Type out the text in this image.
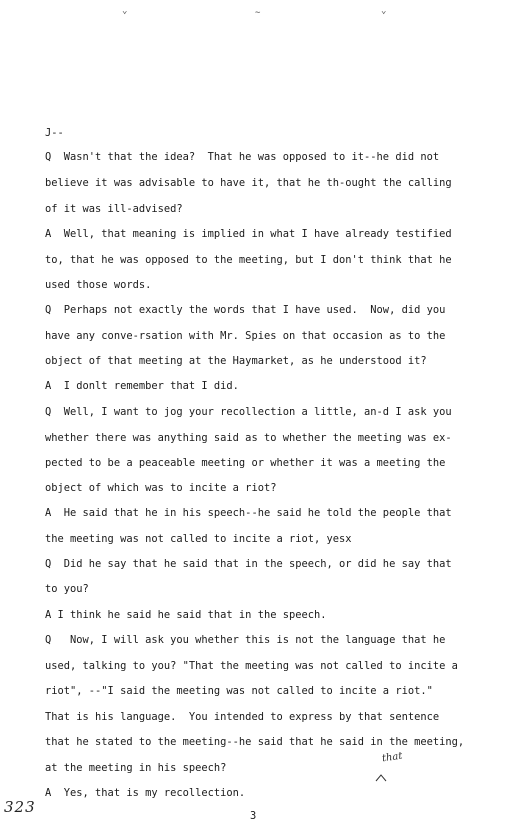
⌄	∼	⌄
J--
Q  Wasn't that the idea?  That he was opposed to it--he did not
believe it was advisable to have it, that he th-ought the calling
of it was ill-advised?
A  Well, that meaning is implied in what I have already testified
to, that he was opposed to the meeting, but I don't think that he
used those words.
Q  Perhaps not exactly the words that I have used.  Now, did you
have any conve-rsation with Mr. Spies on that occasion as to the
object of that meeting at the Haymarket, as he understood it?
A  I donlt remember that I did.
Q  Well, I want to jog your recollection a little, an-d I ask you
whether there was anything said as to whether the meeting was ex-
pected to be a peaceable meeting or whether it was a meeting the
object of which was to incite a riot?
A  He said that he in his speech--he said he told the people that
the meeting was not called to incite a riot, yesx
Q  Did he say that he said that in the speech, or did he say that
to you?
A I think he said he said that in the speech.
Q   Now, I will ask you whether this is not the language that he
used, talking to you? "That the meeting was not called to incite a
riot", --"I said the meeting was not called to incite a riot."
That is his language.  You intended to express by that sentence
that he stated to the meeting--he said that he said in the meeting,
at the meeting in his speech?
A  Yes, that is my recollection.
that
323	3
